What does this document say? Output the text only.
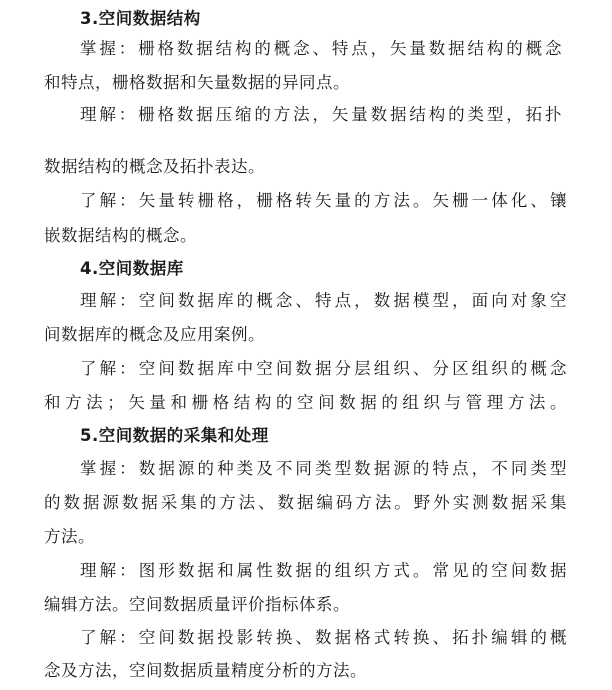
3.空间数据结构
掌握：栅格数据结构的概念、特点，矢量数据结构的概念
和特点，栅格数据和矢量数据的异同点。
理解：栅格数据压缩的方法，矢量数据结构的类型，拓扑
数据结构的概念及拓扑表达。
了解：矢量转栅格，栅格转矢量的方法。矢栅一体化、镶
嵌数据结构的概念。
4.空间数据库
理解：空间数据库的概念、特点，数据模型，面向对象空
间数据库的概念及应用案例。
了解：空间数据库中空间数据分层组织、分区组织的概念
和方法；矢量和栅格结构的空间数据的组织与管理方法。
5.空间数据的采集和处理
掌握：数据源的种类及不同类型数据源的特点，不同类型
的数据源数据采集的方法、数据编码方法。野外实测数据采集
方法。
理解：图形数据和属性数据的组织方式。常见的空间数据
编辑方法。空间数据质量评价指标体系。
了解：空间数据投影转换、数据格式转换、拓扑编辑的概
念及方法，空间数据质量精度分析的方法。
